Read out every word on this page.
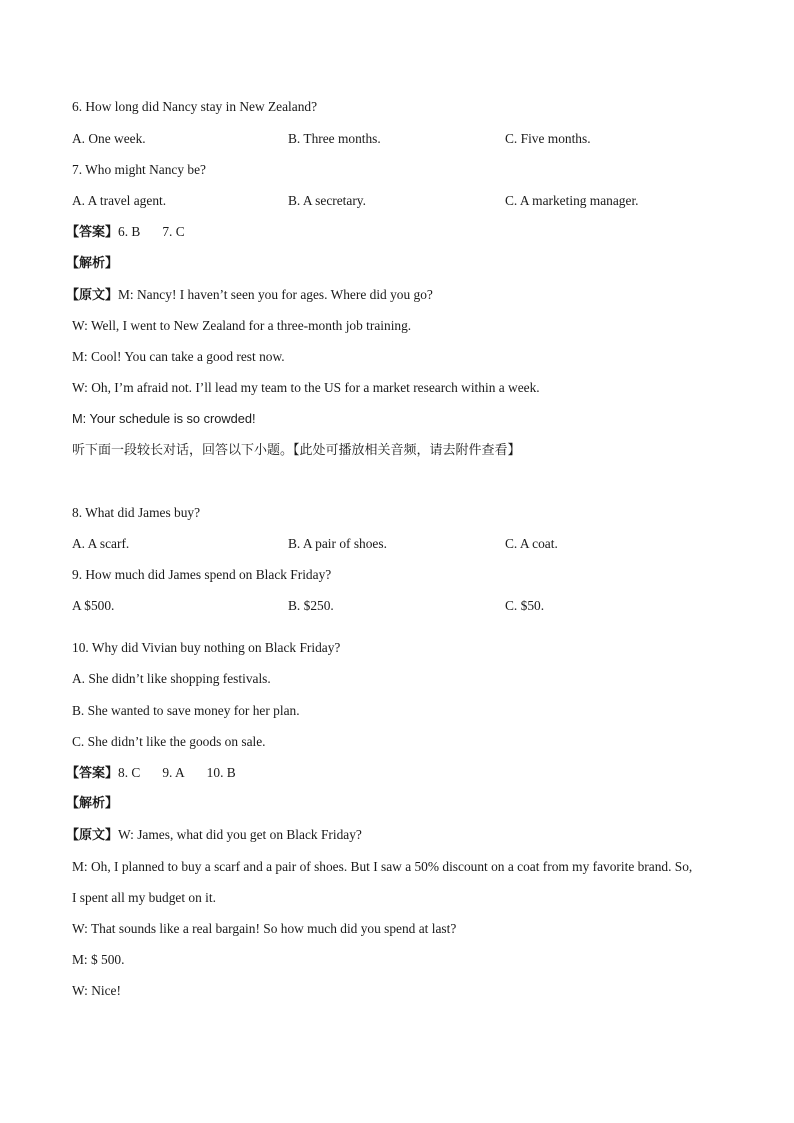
6. How long did Nancy stay in New Zealand?
A. One week.	B. Three months.	C. Five months.
7. Who might Nancy be?
A. A travel agent.	B. A secretary.	C. A marketing manager.
【答案】6. B 7. C
【解析】
【原文】M: Nancy! I haven’t seen you for ages. Where did you go?
W: Well, I went to New Zealand for a three-month job training.
M: Cool! You can take a good rest now.
W: Oh, I’m afraid not. I’ll lead my team to the US for a market research within a week.
M: Your schedule is so crowded!
听下面一段较长对话，回答以下小题。【此处可播放相关音频，请去附件查看】
8. What did James buy?
A. A scarf.	B. A pair of shoes.	C. A coat.
9. How much did James spend on Black Friday?
A $500.	B. $250.	C. $50.
10. Why did Vivian buy nothing on Black Friday?
A. She didn’t like shopping festivals.
B. She wanted to save money for her plan.
C. She didn’t like the goods on sale.
【答案】8. C 9. A 10. B
【解析】
【原文】W: James, what did you get on Black Friday?
M: Oh, I planned to buy a scarf and a pair of shoes. But I saw a 50% discount on a coat from my favorite brand. So,
I spent all my budget on it.
W: That sounds like a real bargain! So how much did you spend at last?
M: $ 500.
W: Nice!
